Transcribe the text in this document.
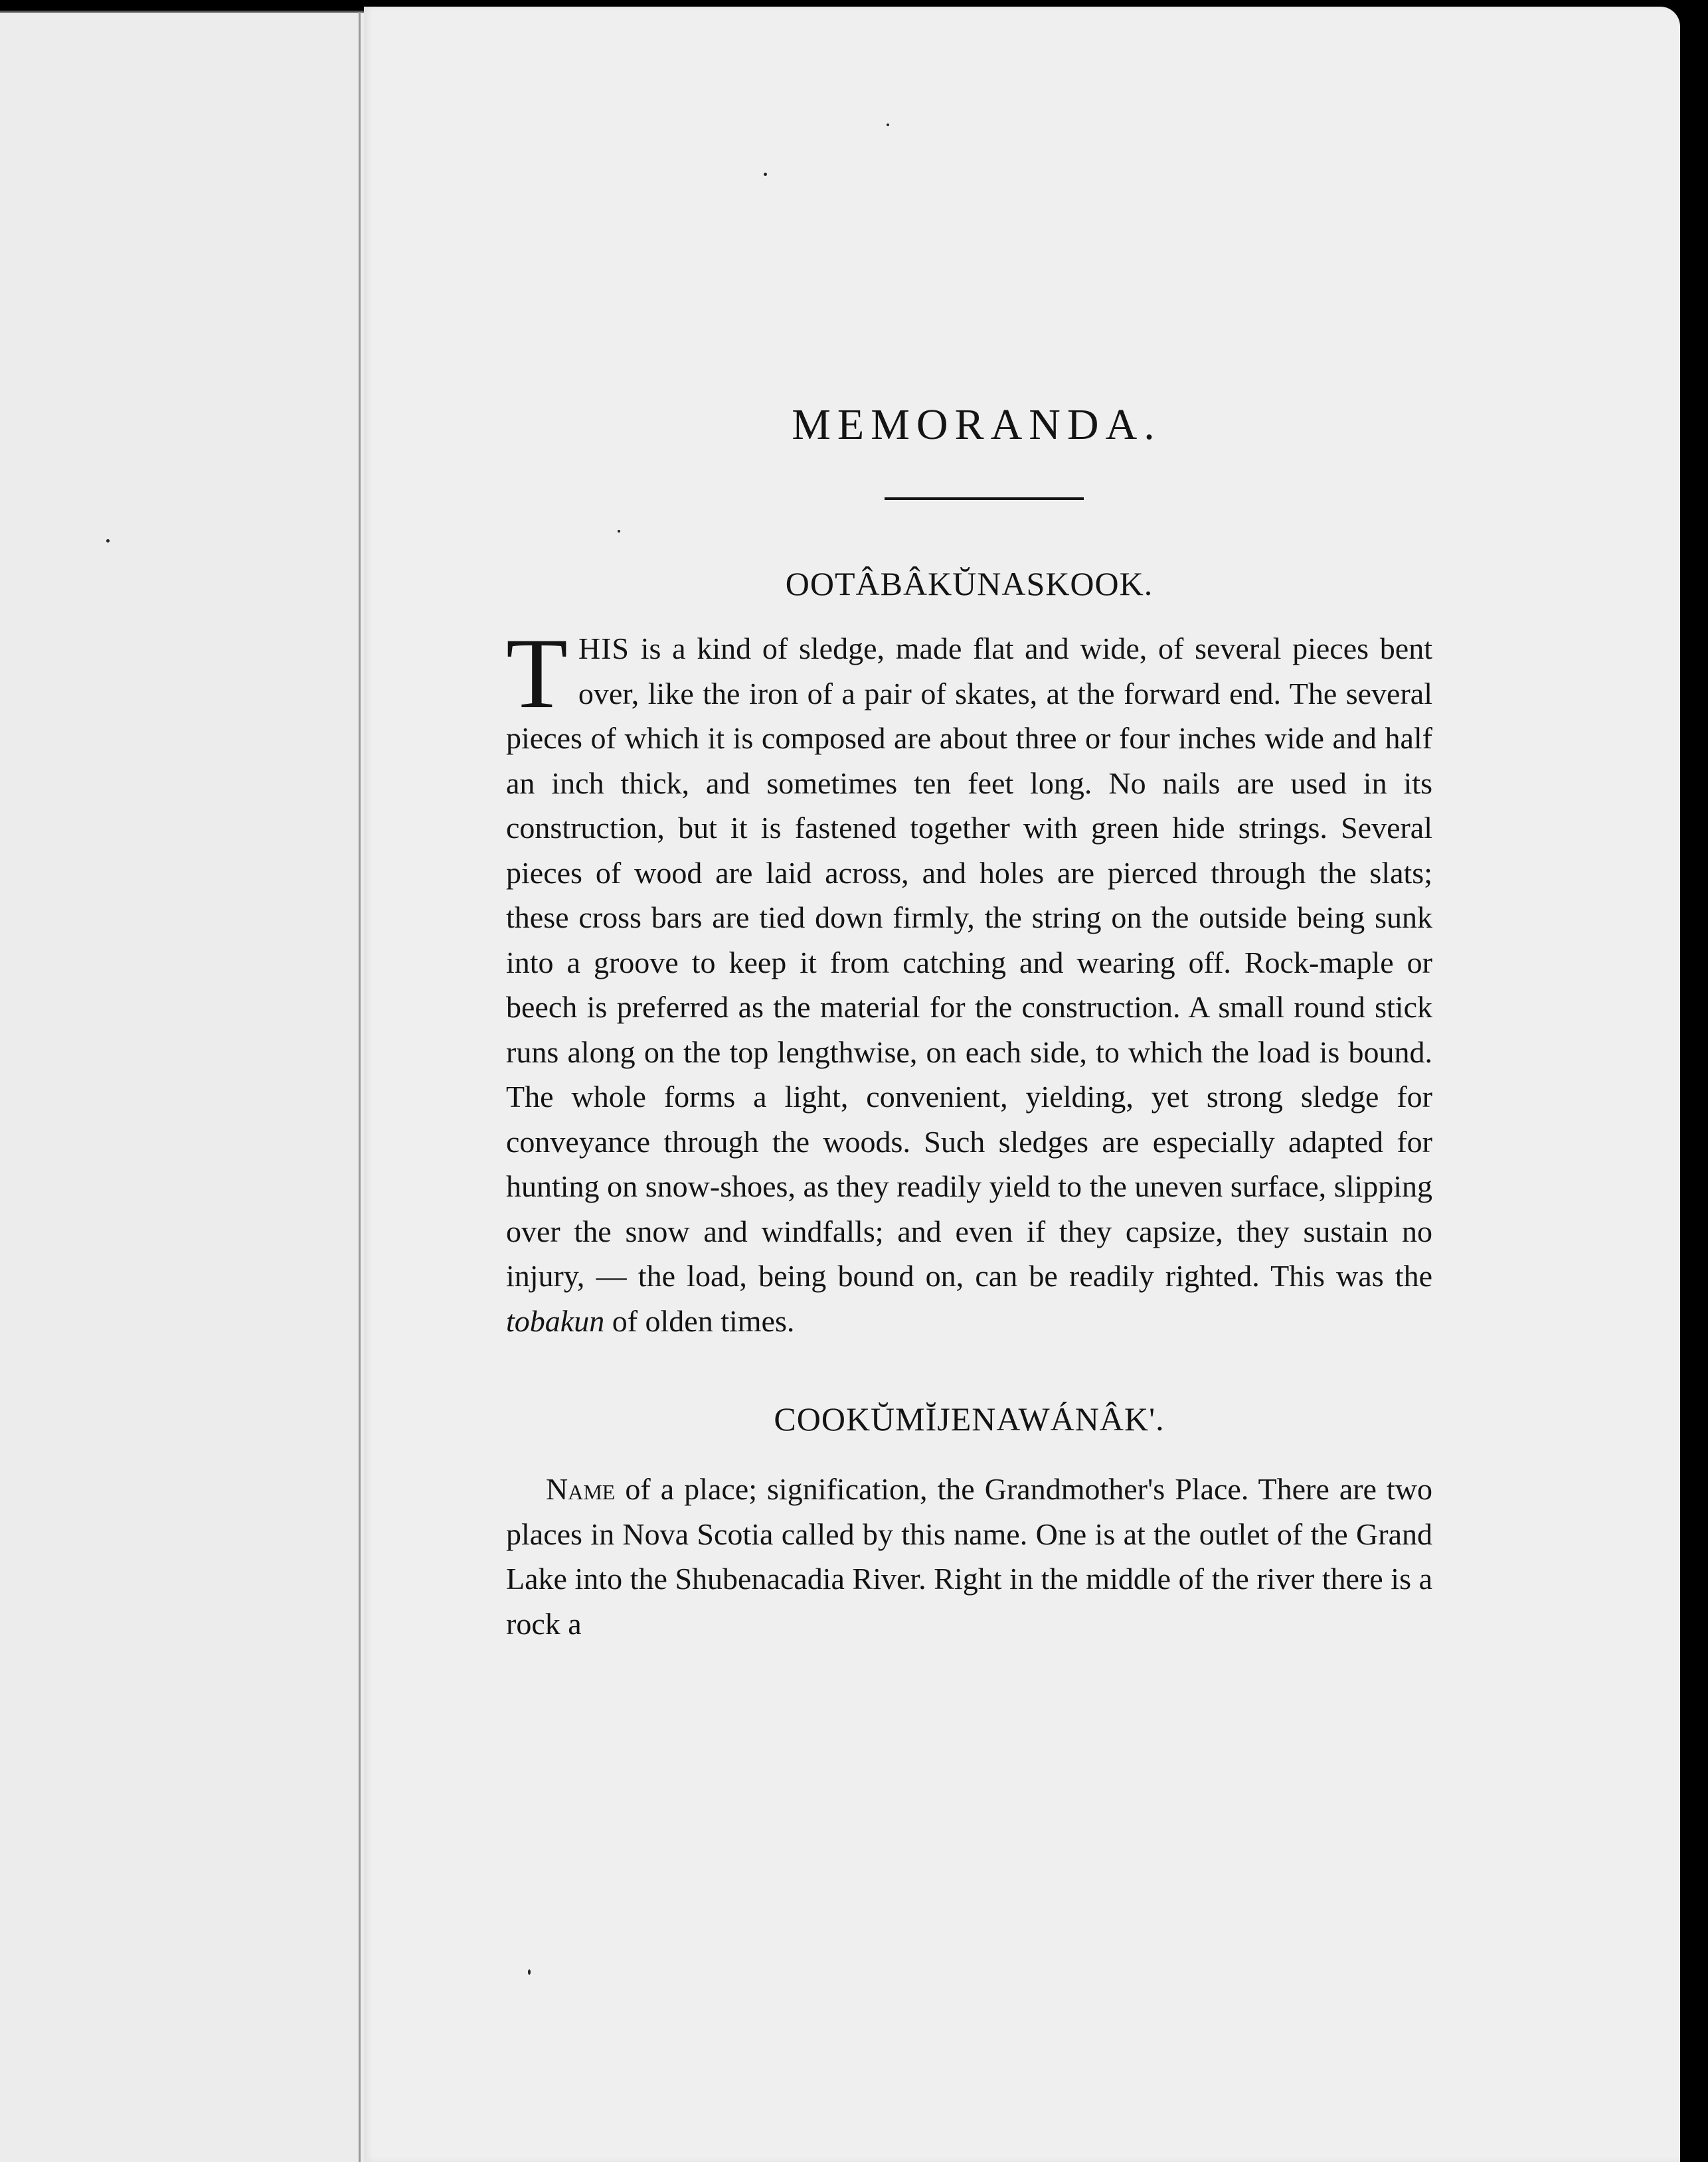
MEMORANDA.
OOTÂBÂKŬNASKOOK.

THIS is a kind of sledge, made flat and wide, of several pieces bent over, like the iron of a pair of skates, at the forward end. The several pieces of which it is composed are about three or four inches wide and half an inch thick, and sometimes ten feet long. No nails are used in its construction, but it is fastened together with green hide strings. Several pieces of wood are laid across, and holes are pierced through the slats; these cross bars are tied down firmly, the string on the outside being sunk into a groove to keep it from catching and wearing off. Rock-maple or beech is preferred as the material for the construction. A small round stick runs along on the top lengthwise, on each side, to which the load is bound. The whole forms a light, convenient, yielding, yet strong sledge for conveyance through the woods. Such sledges are especially adapted for hunting on snow-shoes, as they readily yield to the uneven surface, slipping over the snow and windfalls; and even if they capsize, they sustain no injury, — the load, being bound on, can be readily righted. This was the tobakun of olden times.

COOKŬMĬJENAWÁNÂK'.

Name of a place; signification, the Grandmother's Place. There are two places in Nova Scotia called by this name. One is at the outlet of the Grand Lake into the Shubenacadia River. Right in the middle of the river there is a rock a
